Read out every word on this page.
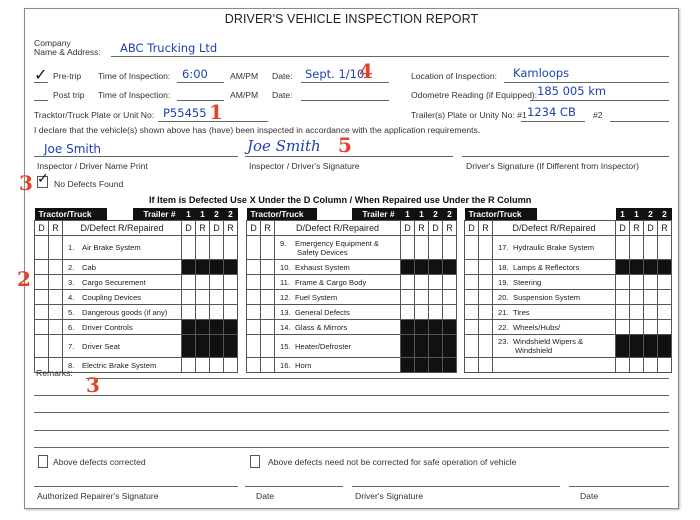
DRIVER'S VEHICLE INSPECTION REPORT
Company
Name & Address: ABC Trucking Ltd
✓ Pre-trip Time of Inspection: 6:00	AM/PM Date: Sept. 1/10
4	Location of Inspection: Kamloops
Post trip Time of Inspection:	AM/PM Date:	Odometre Reading (if Equipped): 185 005 km
Tracktor/Truck Plate or Unit No: P55455 1	Trailer(s) Plate or Unity No: #1 1234 CB #2
I declare that the vehicle(s) shown above has (have) been inspected in accordance with the application requirements.
Joe Smith
Inspector / Driver Name Print
Joe Smith 5
Inspector / Driver's Signature	Driver's Signature (If Different from Inspector)
3 ✓ No Defects Found
If Item is Defected Use X Under the D Column / When Repaired use Under the R Column
Tractor/Truck Trailer #			1	1	2	2
D	R	D/Defect R/Repaired	D	R	D	R
		1. Air Brake System				
		2. Cab				
		3. Cargo Securement				
		4. Coupling Devices				
		5. Dangerous goods (if any)				
		6. Driver Controls				
		7. Driver Seat				
		8. Electric Brake System				
Tractor/Truck Trailer #			1	1	2	2
D	R	D/Defect R/Repaired	D	R	D	R
		9. Emergency Equipment &
Safety Devices				
		10. Exhaust System				
		11. Frame & Cargo Body				
		12. Fuel System				
		13. General Defects				
		14. Glass & Mirrors				
		15. Heater/Defroster				
		16. Horn				
Tractor/Truck			1	1	2	2
D	R	D/Defect R/Repaired	D	R	D	R
		17. Hydraulic Brake System				
		18. Lamps & Reflectors				
		19. Steering				
		20. Suspension System				
		21. Tires				
		22. Wheels/Hubs/				
		23. Windshield Wipers &
Windshield				

2
Remarks: 3
Above defects corrected	Above defects need not be corrected for safe operation of vehicle
Authorized Repairer's Signature	Date	Driver's Signature	Date
